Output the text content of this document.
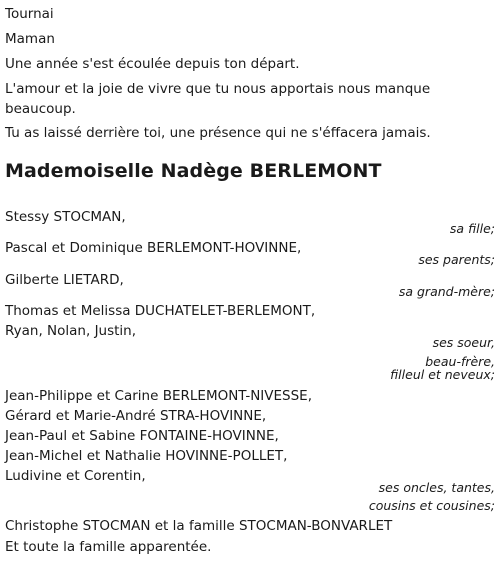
Tournai
Maman
Une année s'est écoulée depuis ton départ.
L'amour et la joie de vivre que tu nous apportais nous manque beaucoup.
Tu as laissé derrière toi, une présence qui ne s'éffacera jamais.
Mademoiselle Nadège BERLEMONT
Stessy STOCMAN,
sa fille;
Pascal et Dominique BERLEMONT-HOVINNE,
ses parents;
Gilberte LIETARD,
sa grand-mère;
Thomas et Melissa DUCHATELET-BERLEMONT,
Ryan, Nolan, Justin,
ses soeur,
beau-frère,
filleul et neveux;
Jean-Philippe et Carine BERLEMONT-NIVESSE,
Gérard et Marie-André STRA-HOVINNE,
Jean-Paul et Sabine FONTAINE-HOVINNE,
Jean-Michel et Nathalie HOVINNE-POLLET,
Ludivine et Corentin,
ses oncles, tantes,
cousins et cousines;
Christophe STOCMAN et la famille STOCMAN-BONVARLET
Et toute la famille apparentée.
